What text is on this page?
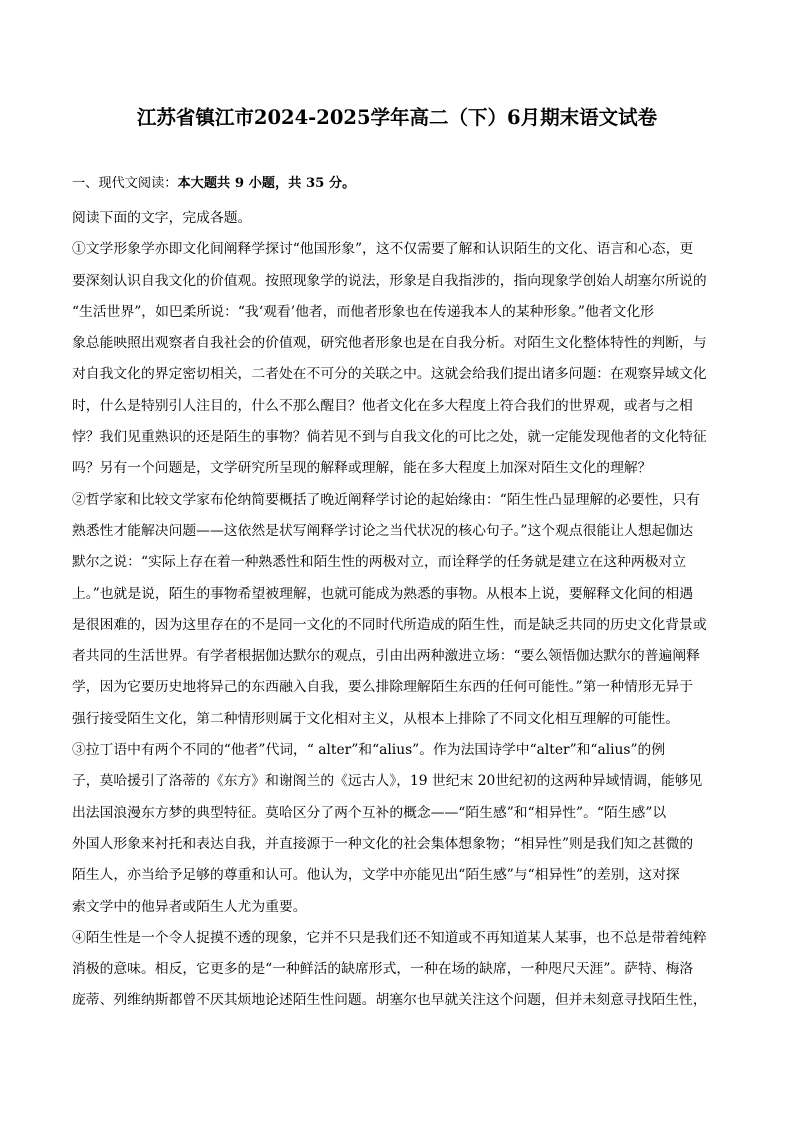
江苏省镇江市2024-2025学年高二（下）6月期末语文试卷
一、现代文阅读：本大题共 9 小题，共 35 分。
阅读下面的文字，完成各题。
①文学形象学亦即文化间阐释学探讨“他国形象”，这不仅需要了解和认识陌生的文化、语言和心态，更
要深刻认识自我文化的价值观。按照现象学的说法，形象是自我指涉的，指向现象学创始人胡塞尔所说的
“生活世界”，如巴柔所说：“我‘观看’他者，而他者形象也在传递我本人的某种形象。”他者文化形
象总能映照出观察者自我社会的价值观，研究他者形象也是在自我分析。对陌生文化整体特性的判断，与
对自我文化的界定密切相关，二者处在不可分的关联之中。这就会给我们提出诸多问题：在观察异域文化
时，什么是特别引人注目的，什么不那么醒目？他者文化在多大程度上符合我们的世界观，或者与之相
悖？我们见重熟识的还是陌生的事物？倘若见不到与自我文化的可比之处，就一定能发现他者的文化特征
吗？另有一个问题是，文学研究所呈现的解释或理解，能在多大程度上加深对陌生文化的理解？
②哲学家和比较文学家布伦纳简要概括了晚近阐释学讨论的起始缘由：“陌生性凸显理解的必要性，只有
熟悉性才能解决问题——这依然是状写阐释学讨论之当代状况的核心句子。”这个观点很能让人想起伽达
默尔之说：“实际上存在着一种熟悉性和陌生性的两极对立，而诠释学的任务就是建立在这种两极对立
上。”也就是说，陌生的事物希望被理解，也就可能成为熟悉的事物。从根本上说，要解释文化间的相遇
是很困难的，因为这里存在的不是同一文化的不同时代所造成的陌生性，而是缺乏共同的历史文化背景或
者共同的生活世界。有学者根据伽达默尔的观点，引由出两种激进立场：“要么领悟伽达默尔的普遍阐释
学，因为它要历史地将异己的东西融入自我，要么排除理解陌生东西的任何可能性。”第一种情形无异于
强行接受陌生文化，第二种情形则属于文化相对主义，从根本上排除了不同文化相互理解的可能性。
③拉丁语中有两个不同的“他者”代词，“ alter”和“alius”。作为法国诗学中“alter”和“alius”的例
子，莫哈援引了洛蒂的《东方》和谢阁兰的《远古人》，19 世纪末 20世纪初的这两种异域情调，能够见
出法国浪漫东方梦的典型特征。莫哈区分了两个互补的概念——“陌生感”和“相异性”。“陌生感”以
外国人形象来衬托和表达自我，并直接源于一种文化的社会集体想象物；“相异性”则是我们知之甚微的
陌生人，亦当给予足够的尊重和认可。他认为，文学中亦能见出“陌生感”与“相异性”的差别，这对探
索文学中的他异者或陌生人尤为重要。
④陌生性是一个令人捉摸不透的现象，它并不只是我们还不知道或不再知道某人某事，也不总是带着纯粹
消极的意味。相反，它更多的是“一种鲜活的缺席形式，一种在场的缺席，一种咫尺天涯”。萨特、梅洛
庞蒂、列维纳斯都曾不厌其烦地论述陌生性问题。胡塞尔也早就关注这个问题，但并未刻意寻找陌生性，
